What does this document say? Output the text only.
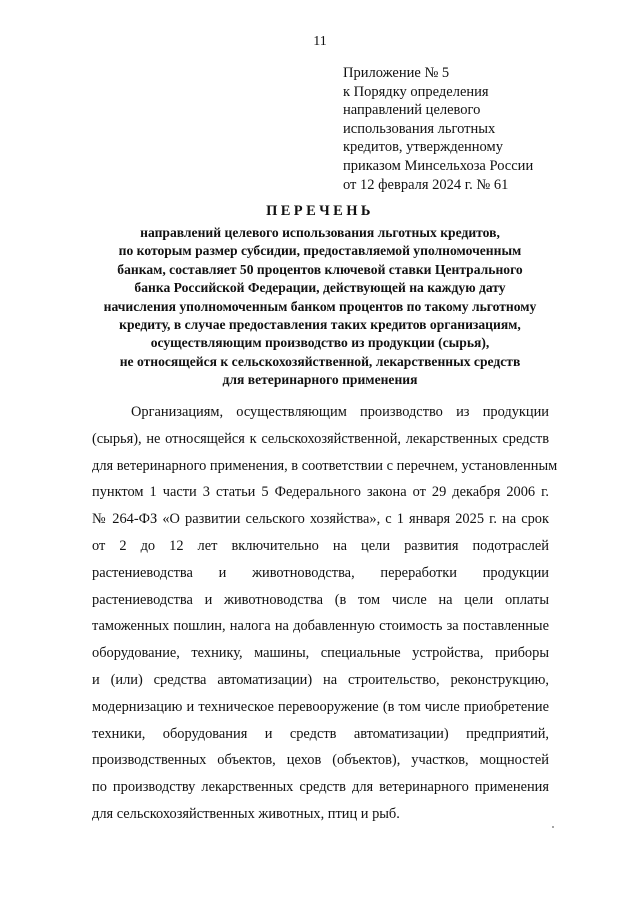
11
Приложение № 5
к Порядку определения
направлений целевого
использования льготных
кредитов, утвержденному
приказом Минсельхоза России
от 12 февраля 2024 г. № 61
ПЕРЕЧЕНЬ
направлений целевого использования льготных кредитов,
по которым размер субсидии, предоставляемой уполномоченным
банкам, составляет 50 процентов ключевой ставки Центрального
банка Российской Федерации, действующей на каждую дату
начисления уполномоченным банком процентов по такому льготному
кредиту, в случае предоставления таких кредитов организациям,
осуществляющим производство из продукции (сырья),
не относящейся к сельскохозяйственной, лекарственных средств
для ветеринарного применения
Организациям, осуществляющим производство из продукции
(сырья), не относящейся к сельскохозяйственной, лекарственных средств
для ветеринарного применения, в соответствии с перечнем, установленным
пунктом 1 части 3 статьи 5 Федерального закона от 29 декабря 2006 г.
№ 264-ФЗ «О развитии сельского хозяйства», с 1 января 2025 г. на срок
от 2 до 12 лет включительно на цели развития подотраслей
растениеводства и животноводства, переработки продукции
растениеводства и животноводства (в том числе на цели оплаты
таможенных пошлин, налога на добавленную стоимость за поставленные
оборудование, технику, машины, специальные устройства, приборы
и (или) средства автоматизации) на строительство, реконструкцию,
модернизацию и техническое перевооружение (в том числе приобретение
техники, оборудования и средств автоматизации) предприятий,
производственных объектов, цехов (объектов), участков, мощностей
по производству лекарственных средств для ветеринарного применения
для сельскохозяйственных животных, птиц и рыб.
